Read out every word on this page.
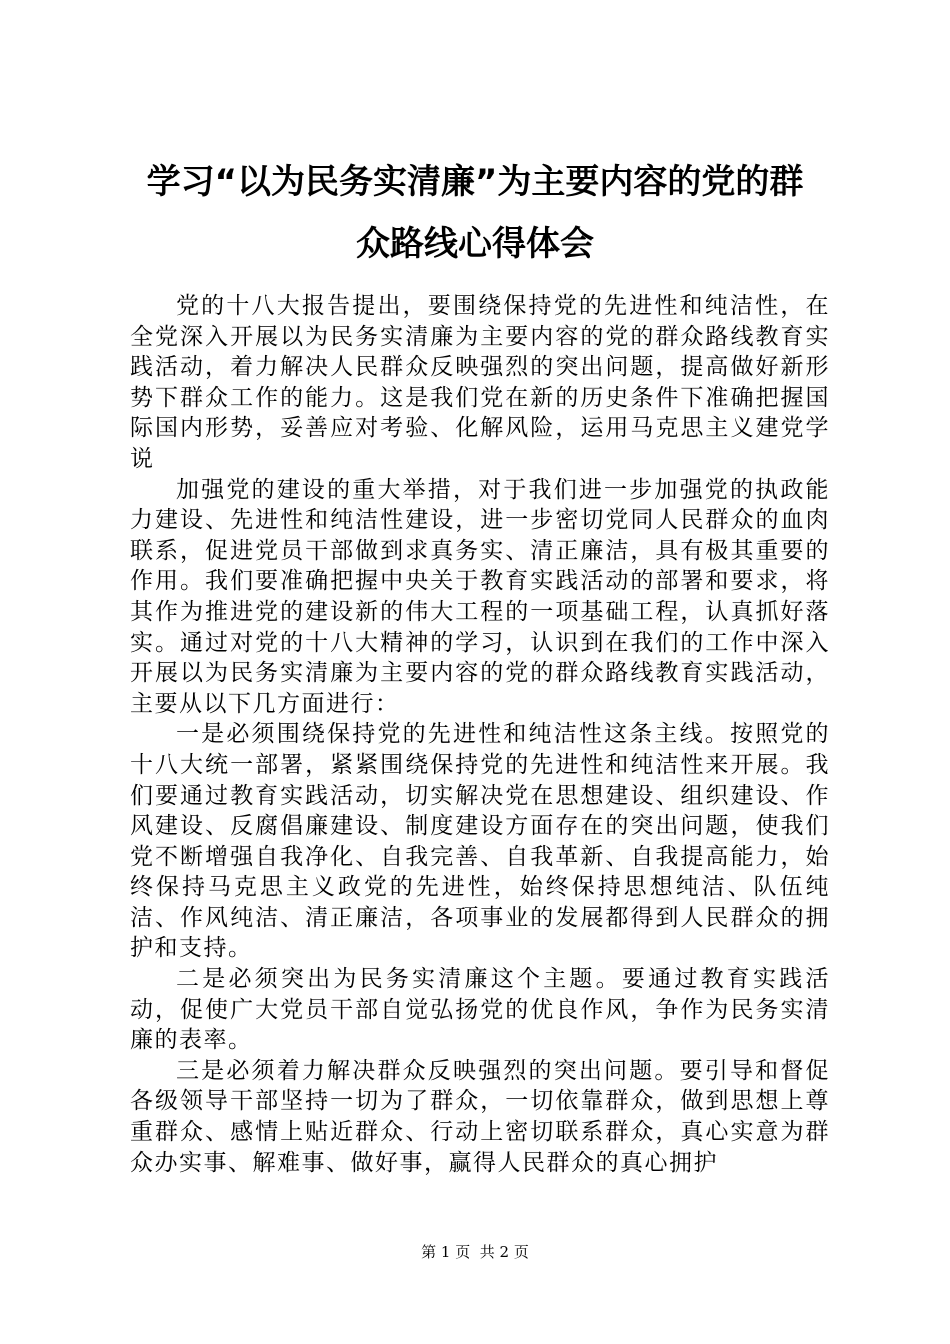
学习“以为民务实清廉”为主要内容的党的群
众路线心得体会

党的十八大报告提出，要围绕保持党的先进性和纯洁性，在全党深入开展以为民务实清廉为主要内容的党的群众路线教育实践活动，着力解决人民群众反映强烈的突出问题，提高做好新形势下群众工作的能力。这是我们党在新的历史条件下准确把握国际国内形势，妥善应对考验、化解风险，运用马克思主义建党学说

加强党的建设的重大举措，对于我们进一步加强党的执政能力建设、先进性和纯洁性建设，进一步密切党同人民群众的血肉联系，促进党员干部做到求真务实、清正廉洁，具有极其重要的作用。我们要准确把握中央关于教育实践活动的部署和要求，将其作为推进党的建设新的伟大工程的一项基础工程，认真抓好落实。通过对党的十八大精神的学习，认识到在我们的工作中深入开展以为民务实清廉为主要内容的党的群众路线教育实践活动，主要从以下几方面进行：

一是必须围绕保持党的先进性和纯洁性这条主线。按照党的十八大统一部署，紧紧围绕保持党的先进性和纯洁性来开展。我们要通过教育实践活动，切实解决党在思想建设、组织建设、作风建设、反腐倡廉建设、制度建设方面存在的突出问题，使我们党不断增强自我净化、自我完善、自我革新、自我提高能力，始终保持马克思主义政党的先进性，始终保持思想纯洁、队伍纯洁、作风纯洁、清正廉洁，各项事业的发展都得到人民群众的拥护和支持。

二是必须突出为民务实清廉这个主题。要通过教育实践活动，促使广大党员干部自觉弘扬党的优良作风，争作为民务实清廉的表率。

三是必须着力解决群众反映强烈的突出问题。要引导和督促各级领导干部坚持一切为了群众，一切依靠群众，做到思想上尊重群众、感情上贴近群众、行动上密切联系群众，真心实意为群众办实事、解难事、做好事，赢得人民群众的真心拥护

第 1 页 共 2 页
